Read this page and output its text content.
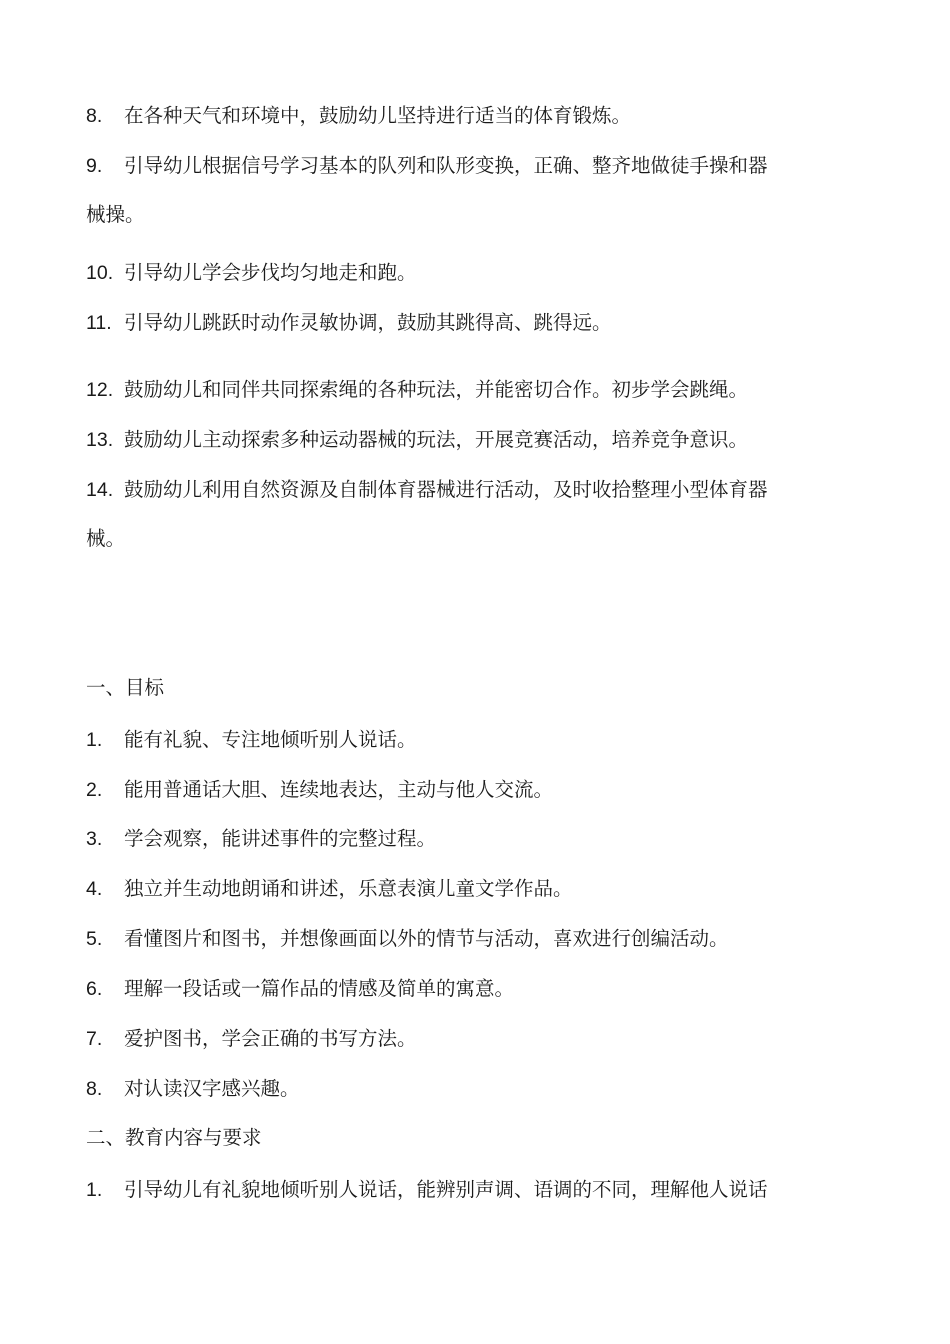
8. 在各种天气和环境中，鼓励幼儿坚持进行适当的体育锻炼。
9. 引导幼儿根据信号学习基本的队列和队形变换，正确、整齐地做徒手操和器
械操。
10. 引导幼儿学会步伐均匀地走和跑。
11. 引导幼儿跳跃时动作灵敏协调，鼓励其跳得高、跳得远。
12. 鼓励幼儿和同伴共同探索绳的各种玩法，并能密切合作。初步学会跳绳。
13. 鼓励幼儿主动探索多种运动器械的玩法，开展竞赛活动，培养竞争意识。
14. 鼓励幼儿利用自然资源及自制体育器械进行活动，及时收拾整理小型体育器
械。
一、目标
1. 能有礼貌、专注地倾听别人说话。
2. 能用普通话大胆、连续地表达，主动与他人交流。
3. 学会观察，能讲述事件的完整过程。
4. 独立并生动地朗诵和讲述，乐意表演儿童文学作品。
5. 看懂图片和图书，并想像画面以外的情节与活动，喜欢进行创编活动。
6. 理解一段话或一篇作品的情感及简单的寓意。
7. 爱护图书，学会正确的书写方法。
8. 对认读汉字感兴趣。
二、教育内容与要求
1. 引导幼儿有礼貌地倾听别人说话，能辨别声调、语调的不同，理解他人说话
